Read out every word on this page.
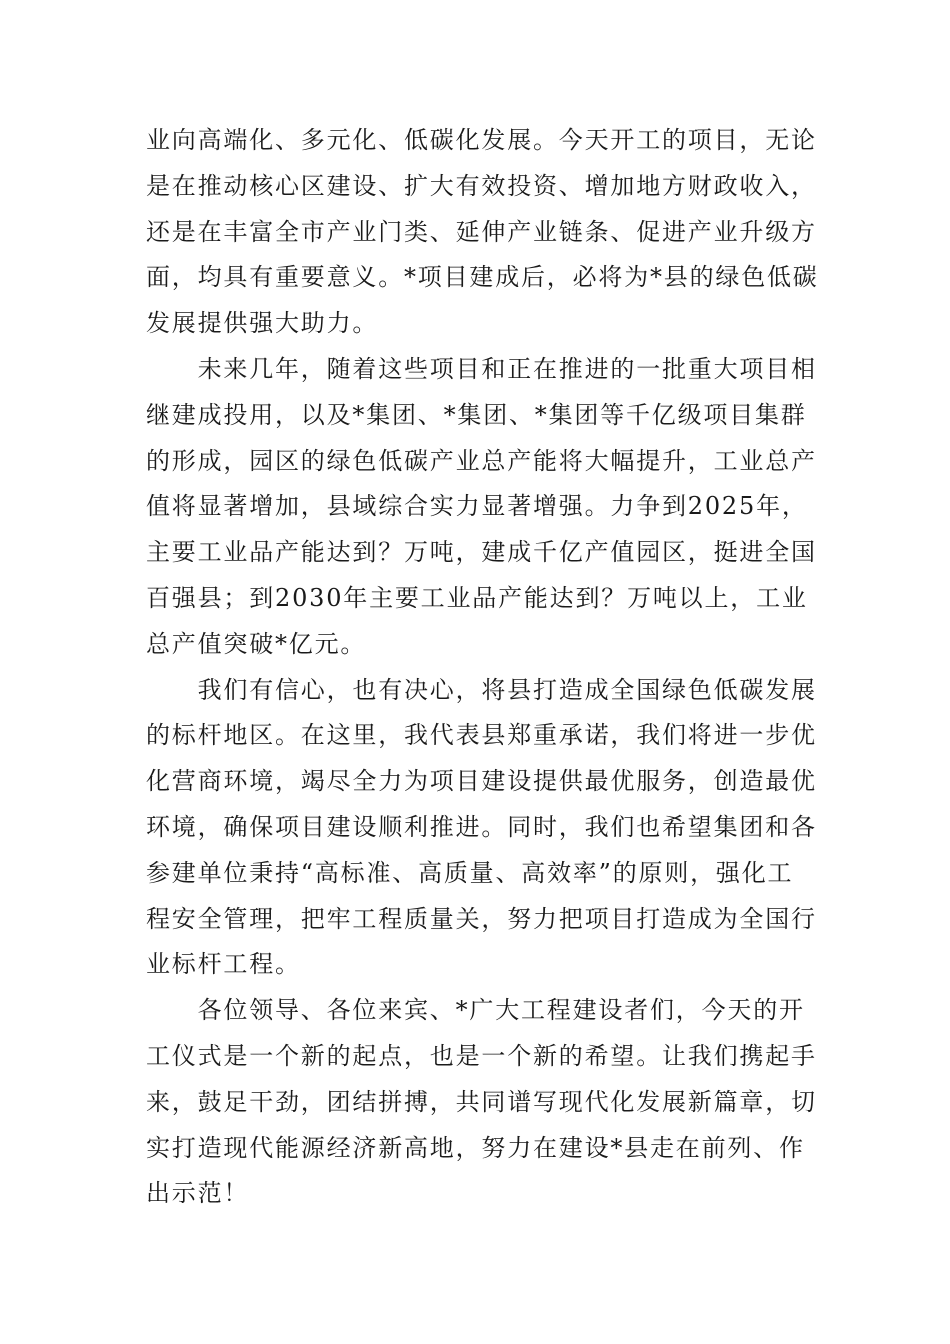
业向高端化、多元化、低碳化发展。今天开工的项目，无论
是在推动核心区建设、扩大有效投资、增加地方财政收入，
还是在丰富全市产业门类、延伸产业链条、促进产业升级方
面，均具有重要意义。*项目建成后，必将为*县的绿色低碳
发展提供强大助力。
　　未来几年，随着这些项目和正在推进的一批重大项目相
继建成投用，以及*集团、*集团、*集团等千亿级项目集群
的形成，园区的绿色低碳产业总产能将大幅提升，工业总产
值将显著增加，县域综合实力显著增强。力争到2025年，
主要工业品产能达到？万吨，建成千亿产值园区，挺进全国
百强县；到2030年主要工业品产能达到？万吨以上，工业
总产值突破*亿元。
　　我们有信心，也有决心，将县打造成全国绿色低碳发展
的标杆地区。在这里，我代表县郑重承诺，我们将进一步优
化营商环境，竭尽全力为项目建设提供最优服务，创造最优
环境，确保项目建设顺利推进。同时，我们也希望集团和各
参建单位秉持“高标准、高质量、高效率”的原则，强化工
程安全管理，把牢工程质量关，努力把项目打造成为全国行
业标杆工程。
　　各位领导、各位来宾、*广大工程建设者们，今天的开
工仪式是一个新的起点，也是一个新的希望。让我们携起手
来，鼓足干劲，团结拼搏，共同谱写现代化发展新篇章，切
实打造现代能源经济新高地，努力在建设*县走在前列、作
出示范！
